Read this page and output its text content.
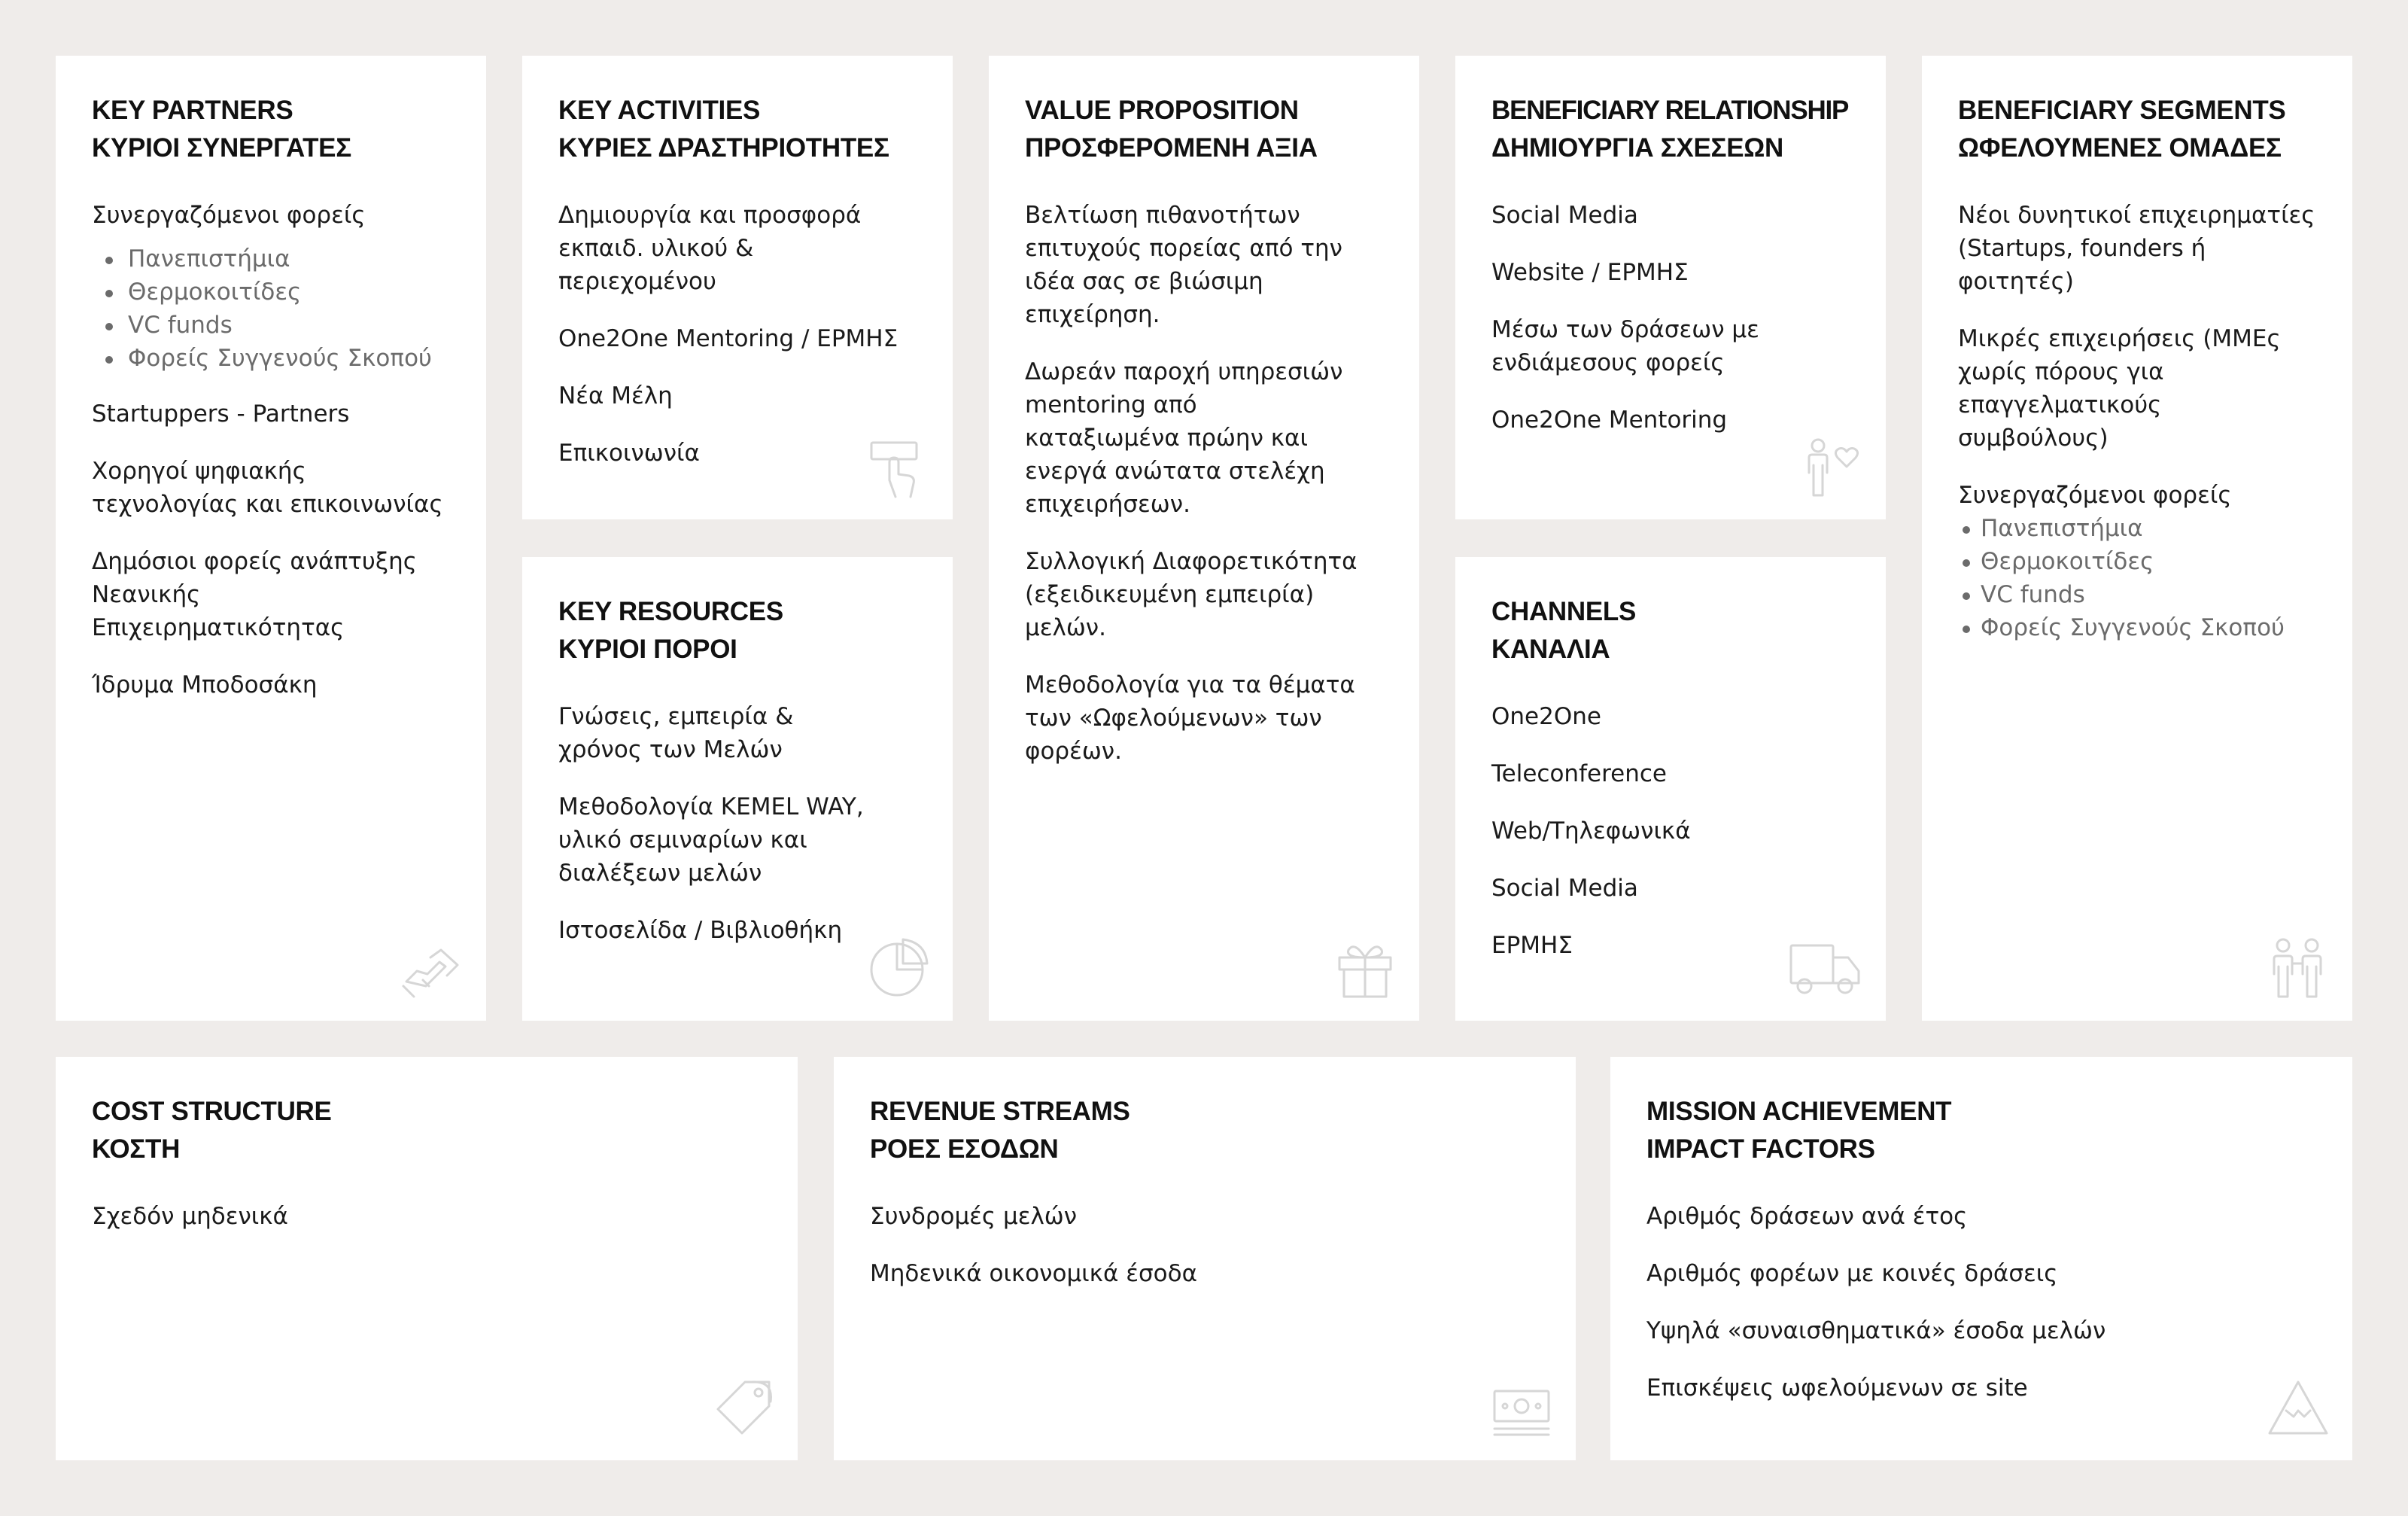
KEY PARTNERS
ΚΥΡΙΟΙ ΣΥΝΕΡΓΑΤΕΣ
Συνεργαζόμενοι φορείς
Πανεπιστήμια
Θερμοκοιτίδες
VC funds
Φορείς Συγγενούς Σκοπού
Startuppers - Partners
Χορηγοί ψηφιακής τεχνολογίας και επικοινωνίας
Δημόσιοι φορείς ανάπτυξης Νεανικής Επιχειρηματικότητας
Ίδρυμα Μποδοσάκη
KEY ACTIVITIES
ΚΥΡΙΕΣ ΔΡΑΣΤΗΡΙΟΤΗΤΕΣ
Δημιουργία και προσφορά εκπαιδ. υλικού & περιεχομένου
One2One Mentoring / ΕΡΜΗΣ
Νέα Μέλη
Επικοινωνία
KEY RESOURCES
ΚΥΡΙΟΙ ΠΟΡΟΙ
Γνώσεις, εμπειρία & χρόνος των Μελών
Μεθοδολογία KEMEL WAY, υλικό σεμιναρίων και διαλέξεων μελών
Ιστοσελίδα / Βιβλιοθήκη
VALUE PROPOSITION
ΠΡΟΣΦΕΡΟΜΕΝΗ ΑΞΙΑ
Βελτίωση πιθανοτήτων επιτυχούς πορείας από την ιδέα σας σε βιώσιμη επιχείρηση.
Δωρεάν παροχή υπηρεσιών mentoring από καταξιωμένα πρώην και ενεργά ανώτατα στελέχη επιχειρήσεων.
Συλλογική Διαφορετικότητα (εξειδικευμένη εμπειρία) μελών.
Μεθοδολογία για τα θέματα των «Ωφελούμενων» των φορέων.
BENEFICIARY RELATIONSHIP
ΔΗΜΙΟΥΡΓΙΑ ΣΧΕΣΕΩΝ
Social Media
Website / ΕΡΜΗΣ
Μέσω των δράσεων με ενδιάμεσους φορείς
One2One Mentoring
CHANNELS
ΚΑΝΑΛΙΑ
One2One
Teleconference
Web/Τηλεφωνικά
Social Media
ΕΡΜΗΣ
BENEFICIARY SEGMENTS
ΩΦΕΛΟΥΜΕΝΕΣ ΟΜΑΔΕΣ
Νέοι δυνητικοί επιχειρηματίες (Startups, founders ή φοιτητές)
Μικρές επιχειρήσεις (ΜΜΕς χωρίς πόρους για επαγγελματικούς συμβούλους)
Συνεργαζόμενοι φορείς
Πανεπιστήμια
Θερμοκοιτίδες
VC funds
Φορείς Συγγενούς Σκοπού
COST STRUCTURE
ΚΟΣΤΗ
Σχεδόν μηδενικά
REVENUE STREAMS
ΡΟΕΣ ΕΣΟΔΩΝ
Συνδρομές μελών
Μηδενικά οικονομικά έσοδα
MISSION ACHIEVEMENT
IMPACT FACTORS
Αριθμός δράσεων ανά έτος
Αριθμός φορέων με κοινές δράσεις
Υψηλά «συναισθηματικά» έσοδα μελών
Επισκέψεις ωφελούμενων σε site
